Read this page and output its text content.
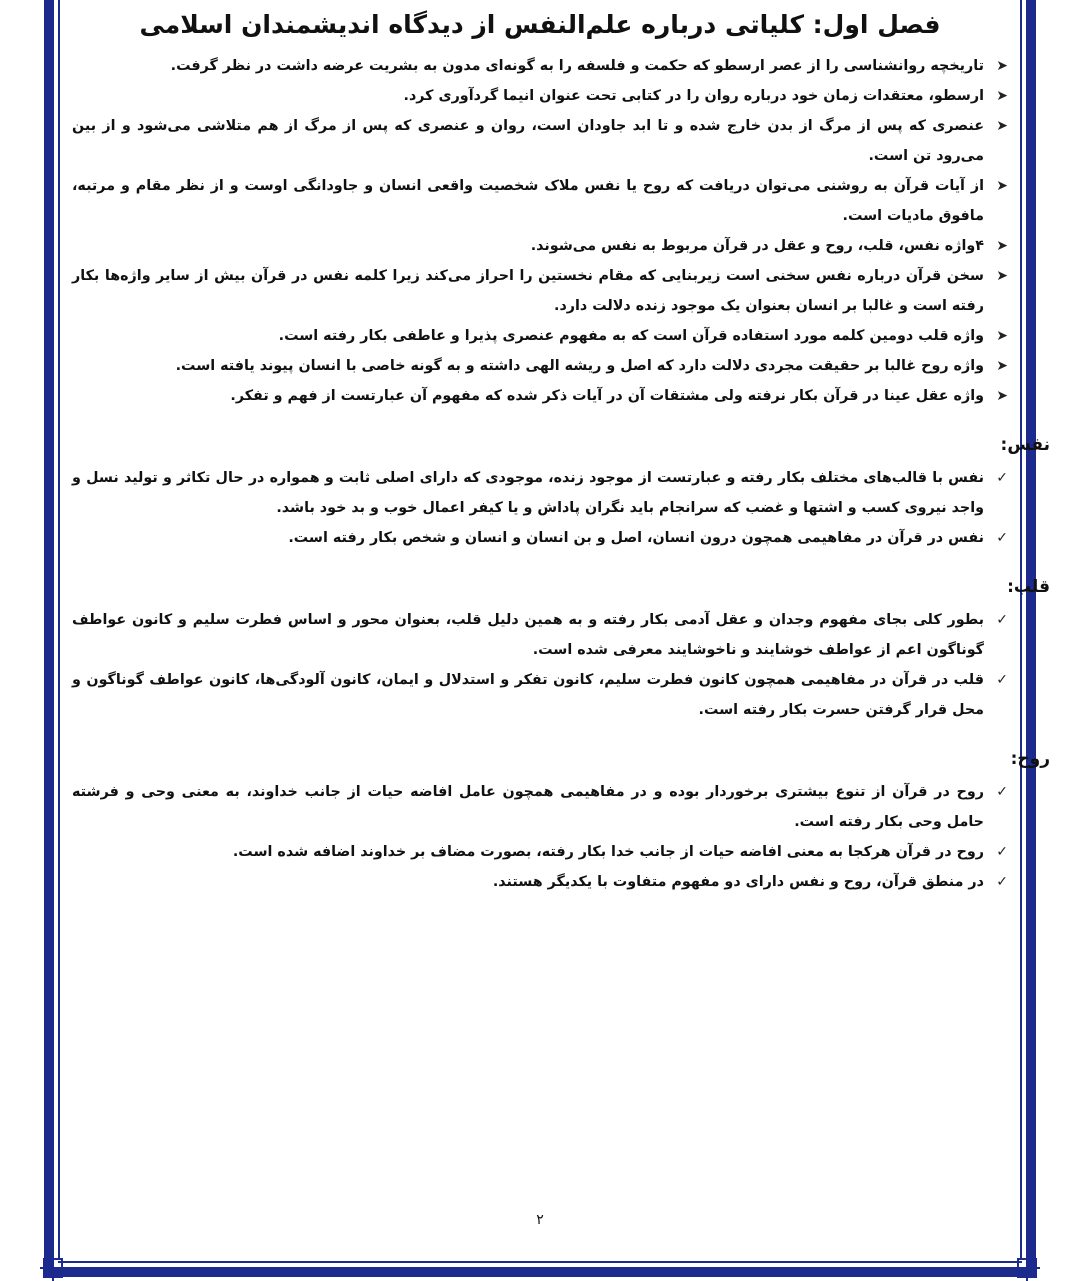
فصل اول: کلیاتی درباره علم‌النفس از دیدگاه اندیشمندان اسلامی
➤
تاریخچه روانشناسی را از عصر ارسطو که حکمت و فلسفه را به گونه‌ای مدون به بشریت عرضه داشت در نظر گرفت.
➤
ارسطو، معتقدات زمان خود درباره روان را در کتابی تحت عنوان انیما گردآوری کرد.
➤
عنصری که پس از مرگ از بدن خارج شده و تا ابد جاودان است، روان و عنصری که پس از مرگ از هم متلاشی می‌شود و از بین می‌رود تن است.
➤
از آیات قرآن به روشنی می‌توان دریافت که روح یا نفس ملاک شخصیت واقعی انسان و جاودانگی اوست و از نظر مقام و مرتبه، مافوق مادیات است.
➤
۴واژه نفس، قلب، روح و عقل در قرآن مربوط به نفس می‌شوند.
➤
سخن قرآن درباره نفس سخنی است زیربنایی که مقام نخستین را احراز می‌کند زیرا کلمه نفس در قرآن بیش از سایر واژه‌ها بکار رفته است و غالبا بر انسان بعنوان یک موجود زنده دلالت دارد.
➤
واژه قلب دومین کلمه مورد استفاده قرآن است که به مفهوم عنصری پذیرا و عاطفی بکار رفته است.
➤
واژه روح غالبا بر حقیقت مجردی دلالت دارد که اصل و ریشه الهی داشته و به گونه خاصی با انسان پیوند یافته است.
➤
واژه عقل عینا در قرآن بکار نرفته ولی مشتقات آن در آیات ذکر شده که مفهوم آن عبارتست از فهم و تفکر.
نفس:
✓
نفس با قالب‌های مختلف بکار رفته و عبارتست از موجود زنده، موجودی که دارای اصلی ثابت و همواره در حال تکاثر و تولید نسل و واجد نیروی کسب و اشتها و غضب که سرانجام باید نگران پاداش و یا کیفر اعمال خوب و بد خود باشد.
✓
نفس در قرآن در مفاهیمی همچون درون انسان، اصل و بن انسان و انسان و شخص بکار رفته است.
قلب:
✓
بطور کلی بجای مفهوم وجدان و عقل آدمی بکار رفته و به همین دلیل قلب، بعنوان محور و اساس فطرت سلیم و کانون عواطف گوناگون اعم از عواطف خوشایند و ناخوشایند معرفی شده است.
✓
قلب در قرآن در مفاهیمی همچون کانون فطرت سلیم، کانون تفکر و استدلال و ایمان، کانون آلودگی‌ها، کانون عواطف گوناگون و محل قرار گرفتن حسرت بکار رفته است.
روح:
✓
روح در قرآن از تنوع بیشتری برخوردار بوده و در مفاهیمی همچون عامل افاضه حیات از جانب خداوند، به معنی وحی و فرشته حامل وحی بکار رفته است.
✓
روح در قرآن هرکجا به معنی افاضه حیات از جانب خدا بکار رفته، بصورت مضاف بر خداوند اضافه شده است.
✓
در منطق قرآن، روح و نفس دارای دو مفهوم متفاوت با یکدیگر هستند.
۲
